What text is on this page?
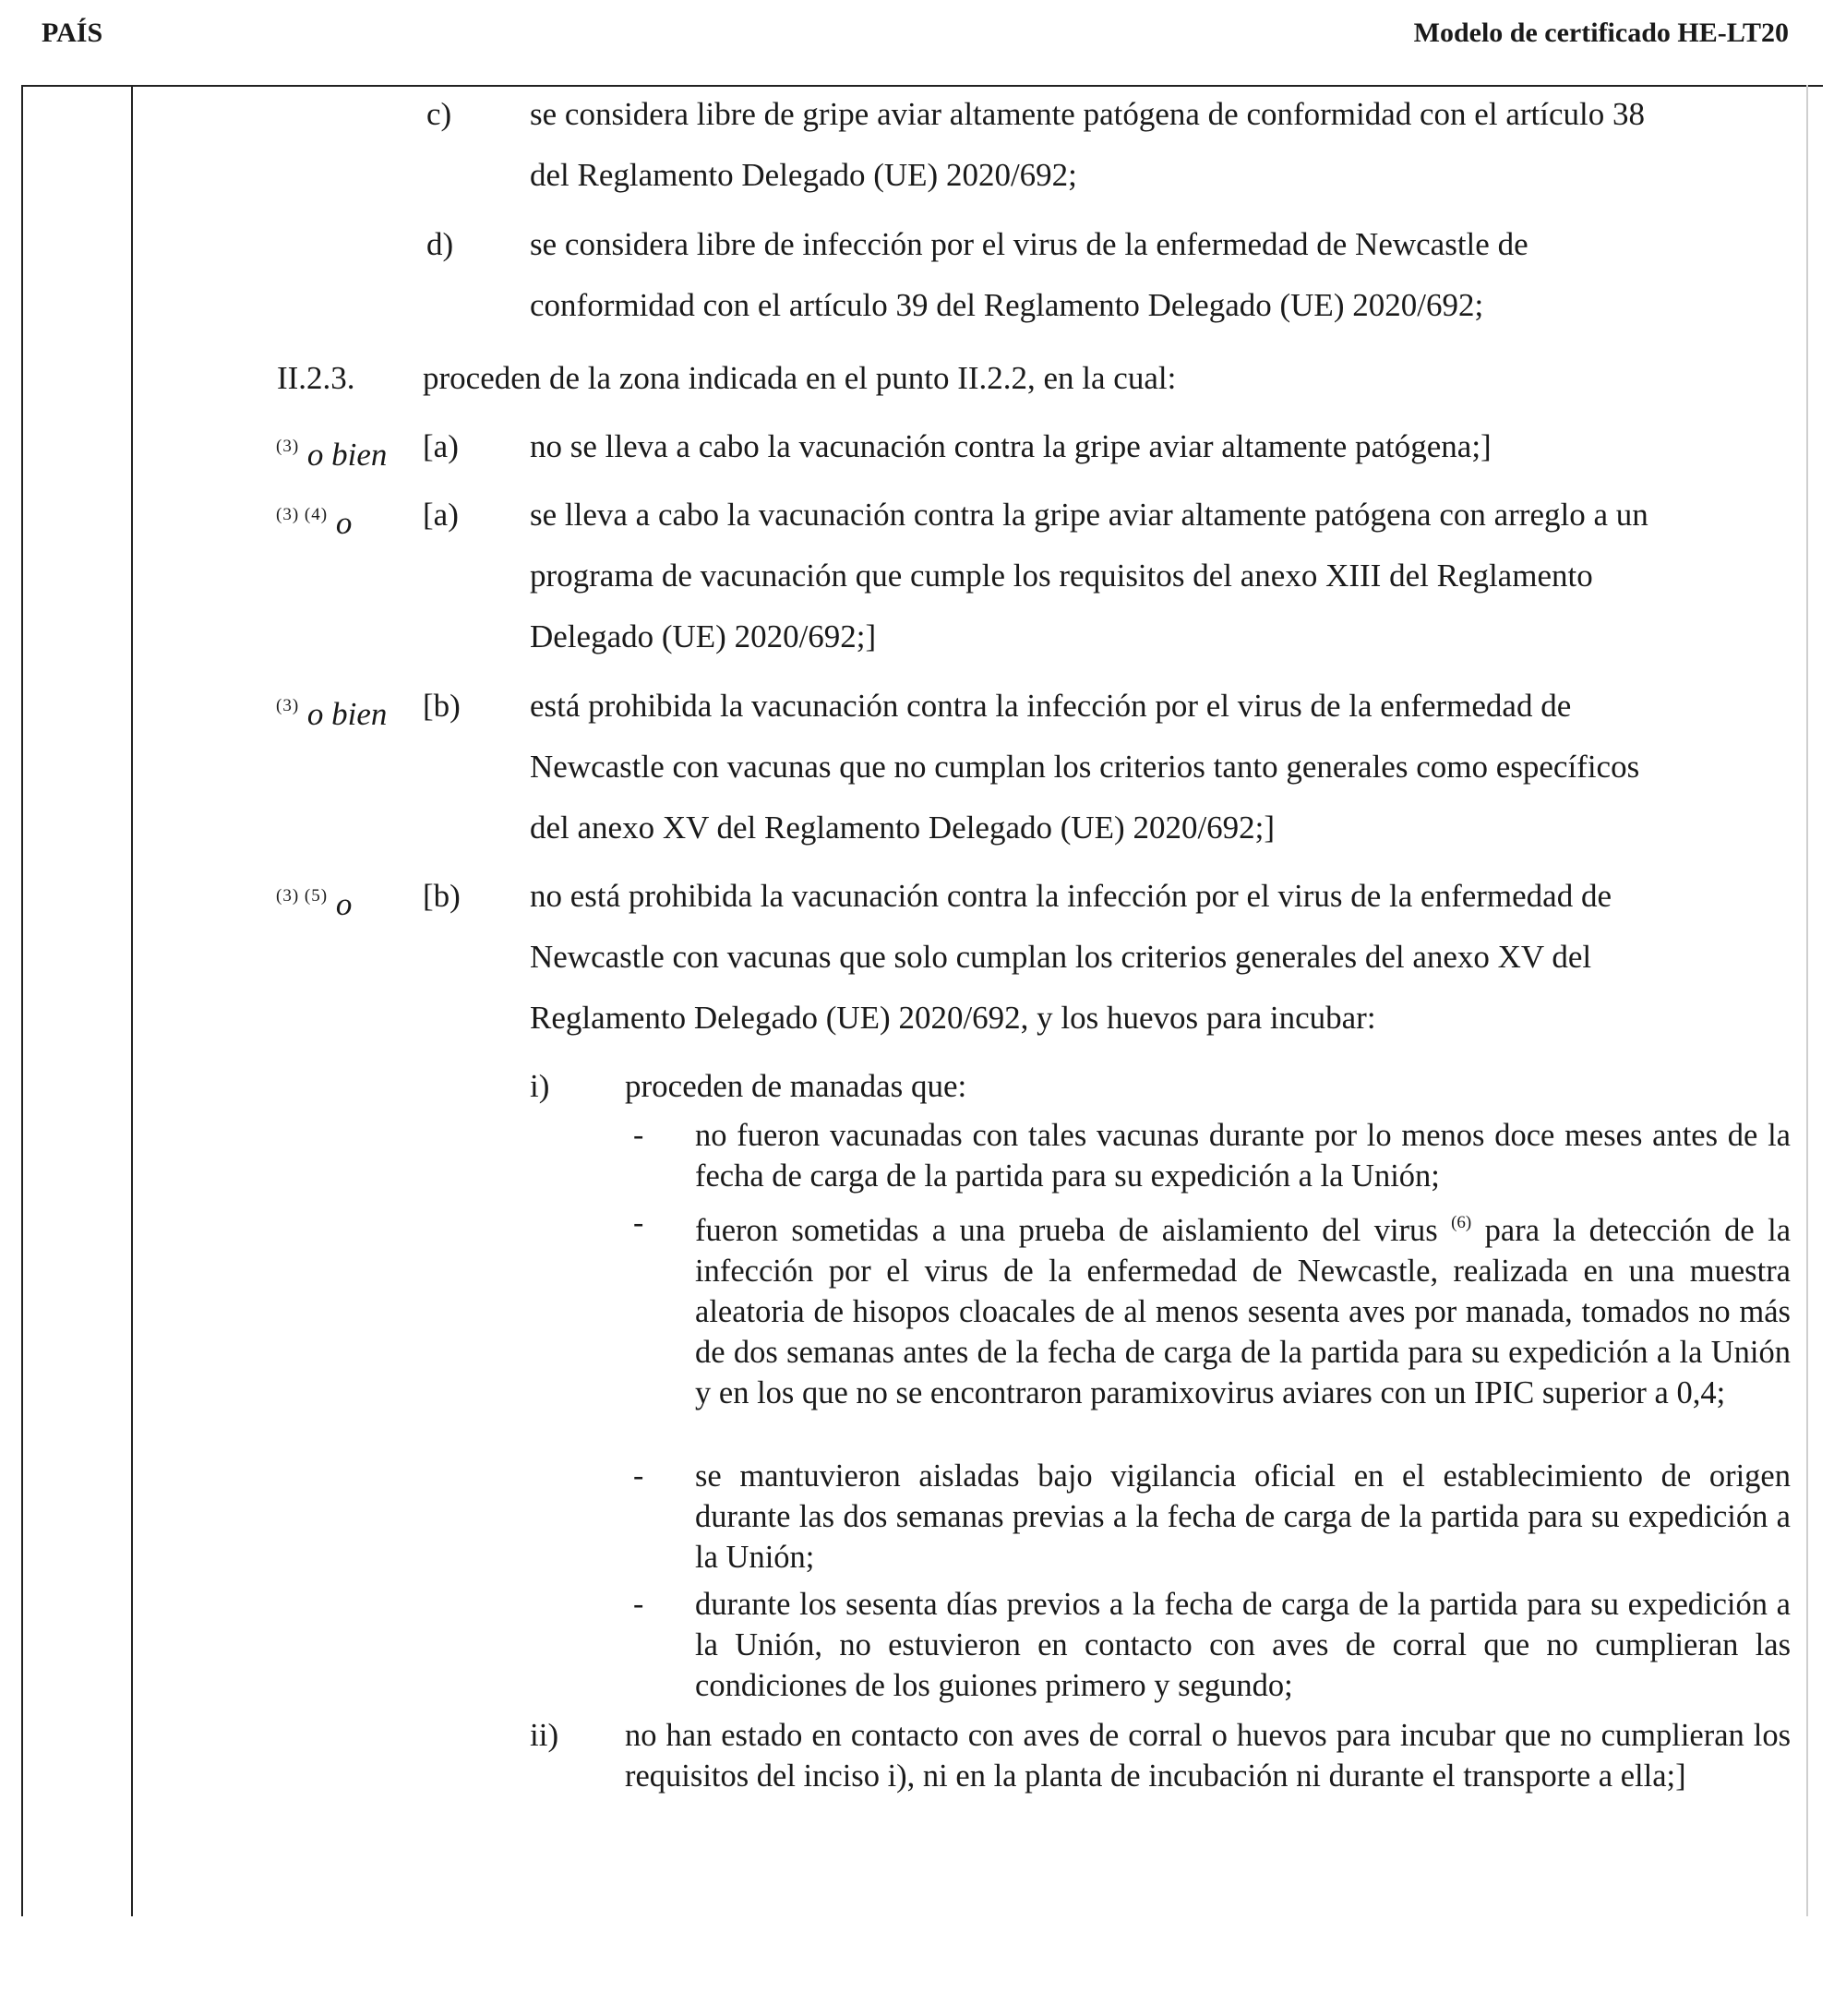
PAÍS	Modelo de certificado HE-LT20
c) se considera libre de gripe aviar altamente patógena de conformidad con el artículo 38
del Reglamento Delegado (UE) 2020/692;
d) se considera libre de infección por el virus de la enfermedad de Newcastle de
conformidad con el artículo 39 del Reglamento Delegado (UE) 2020/692;
II.2.3. proceden de la zona indicada en el punto II.2.2, en la cual:
$^{(3)}$ o bien [a) no se lleva a cabo la vacunación contra la gripe aviar altamente patógena;]
$^{(3) (4)}$ o [a) se lleva a cabo la vacunación contra la gripe aviar altamente patógena con arreglo a un
programa de vacunación que cumple los requisitos del anexo XIII del Reglamento
Delegado (UE) 2020/692;]
$^{(3)}$ o bien [b) está prohibida la vacunación contra la infección por el virus de la enfermedad de
Newcastle con vacunas que no cumplan los criterios tanto generales como específicos
del anexo XV del Reglamento Delegado (UE) 2020/692;]
$^{(3) (5)}$ o [b) no está prohibida la vacunación contra la infección por el virus de la enfermedad de
Newcastle con vacunas que solo cumplan los criterios generales del anexo XV del
Reglamento Delegado (UE) 2020/692, y los huevos para incubar:
i) proceden de manadas que:
- no fueron vacunadas con tales vacunas durante por lo menos doce meses antes de la fecha de carga de la partida para su expedición a la Unión;
- fueron sometidas a una prueba de aislamiento del virus $^{(6)}$ para la detección de la infección por el virus de la enfermedad de Newcastle, realizada en una muestra aleatoria de hisopos cloacales de al menos sesenta aves por manada, tomados no más de dos semanas antes de la fecha de carga de la partida para su expedición a la Unión y en los que no se encontraron paramixovirus aviares con un IPIC superior a 0,4;
- se mantuvieron aisladas bajo vigilancia oficial en el establecimiento de origen durante las dos semanas previas a la fecha de carga de la partida para su expedición a la Unión;
- durante los sesenta días previos a la fecha de carga de la partida para su expedición a la Unión, no estuvieron en contacto con aves de corral que no cumplieran las condiciones de los guiones primero y segundo;
ii) no han estado en contacto con aves de corral o huevos para incubar que no cumplieran los requisitos del inciso i), ni en la planta de incubación ni durante el transporte a ella;]
